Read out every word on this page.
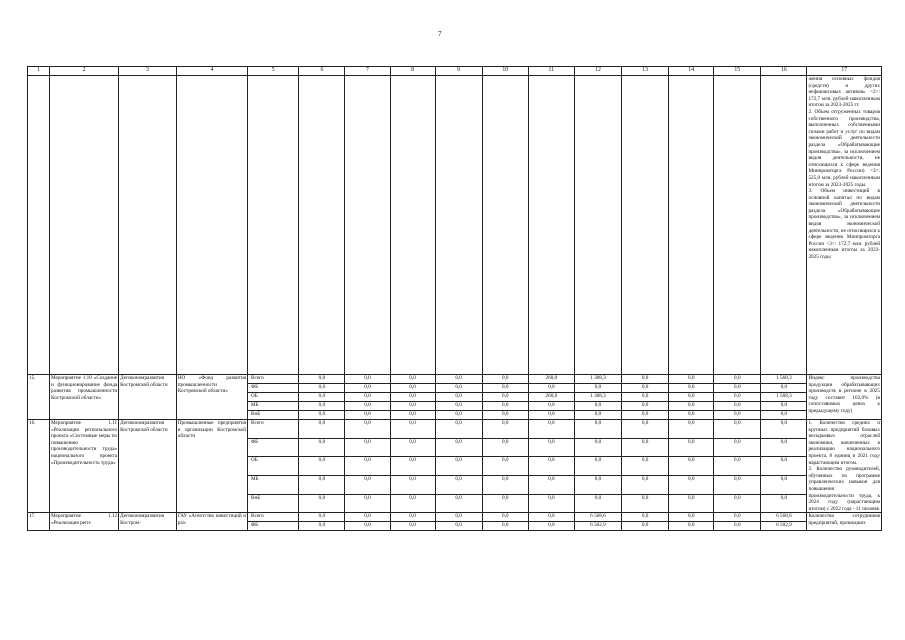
7
1	2	3	4	5	6	7	8	9	10	11	12	13	14	15	16	17
																жения основных фондов (средств) и других нефинансовых активов» <2>: 172,7 млн. рублей накопленным итогом за 2023-2025 гг.
2. Объем отгруженных товаров собственного производства, выполненных собственными силами работ и услуг по видам экономической деятельности раздела «Обрабатывающие производства», за исключением видов деятельности, не относящихся к сфере ведения Минпромторга России) <3>: 525,0 млн. рублей накопленным итогом за 2023-2025 годы.
3. Объем инвестиций в основной капитал по видам экономической деятельности раздела «Обрабатывающие производства», за исключением видов экономической деятельности, не относящихся к сфере ведения Минпромторга России <3>: 172,7 млн. рублей накопленным итогом за 2023-2025 годы
15.	Мероприятие 1.10 «Создание и функционирование фонда развития промышленности Костромской области»	Депэкономразвития Костромской области	НО «Фонд развития промышленности Костромской области»	Всего	0,0	0,0	0,0	0,0	0,0	260,0	1 308,3	0,0	0,0	0,0	1 568,3	Индекс производства продукции обрабатывающих производств в регионе в 2025 году составит 102,0% (в сопоставимых ценах к предыдущему году)
				ФБ	0,0	0,0	0,0	0,0	0,0	0,0	0,0	0,0	0,0	0,0	0,0	
				ОБ	0,0	0,0	0,0	0,0	0,0	260,0	1 308,3	0,0	0,0	0,0	1 568,3	
				МБ	0,0	0,0	0,0	0,0	0,0	0,0	0,0	0,0	0,0	0,0	0,0	
				ВнБ	0,0	0,0	0,0	0,0	0,0	0,0	0,0	0,0	0,0	0,0	0,0	
16.	Мероприятие 1.11 «Реализация регионального проекта «Системные меры по повышению производительности труда» национального проекта «Производительность труда»	Депэкономразвития Костромской области	Промышленные предприятия и организации Костромской области	Всего	0,0	0,0	0,0	0,0	0,0	0,0	0,0	0,0	0,0	0,0	0,0	1. Количество средних и крупных предприятий базовых несырьевых отраслей экономики, вовлеченных в реализацию национального проекта, 8 единиц в 2021 году нарастающим итогом.
2. Количество руководителей, обученных по программе управленческих навыков для повышения производительности труда, к 2024 году (нарастающим итогом) с 2022 года - 11 человек
				ФБ	0,0	0,0	0,0	0,0	0,0	0,0	0,0	0,0	0,0	0,0	0,0	
				ОБ	0,0	0,0	0,0	0,0	0,0	0,0	0,0	0,0	0,0	0,0	0,0	
				МБ	0,0	0,0	0,0	0,0	0,0	0,0	0,0	0,0	0,0	0,0	0,0	
				ВнБ	0,0	0,0	0,0	0,0	0,0	0,0	0,0	0,0	0,0	0,0	0,0	
17.	Мероприятие 1.12 «Реализация реги-	Депэкономразвития Костром-	ГАУ «Агентство инвестиций и раз-	Всего	0,0	0,0	0,0	0,0	0,0	0,0	6 568,6	0,0	0,0	0,0	6 568,6	Количество сотрудников предприятий, прошедших
				ФБ	0,0	0,0	0,0	0,0	0,0	0,0	6 502,9	0,0	0,0	0,0	6 502,9	
